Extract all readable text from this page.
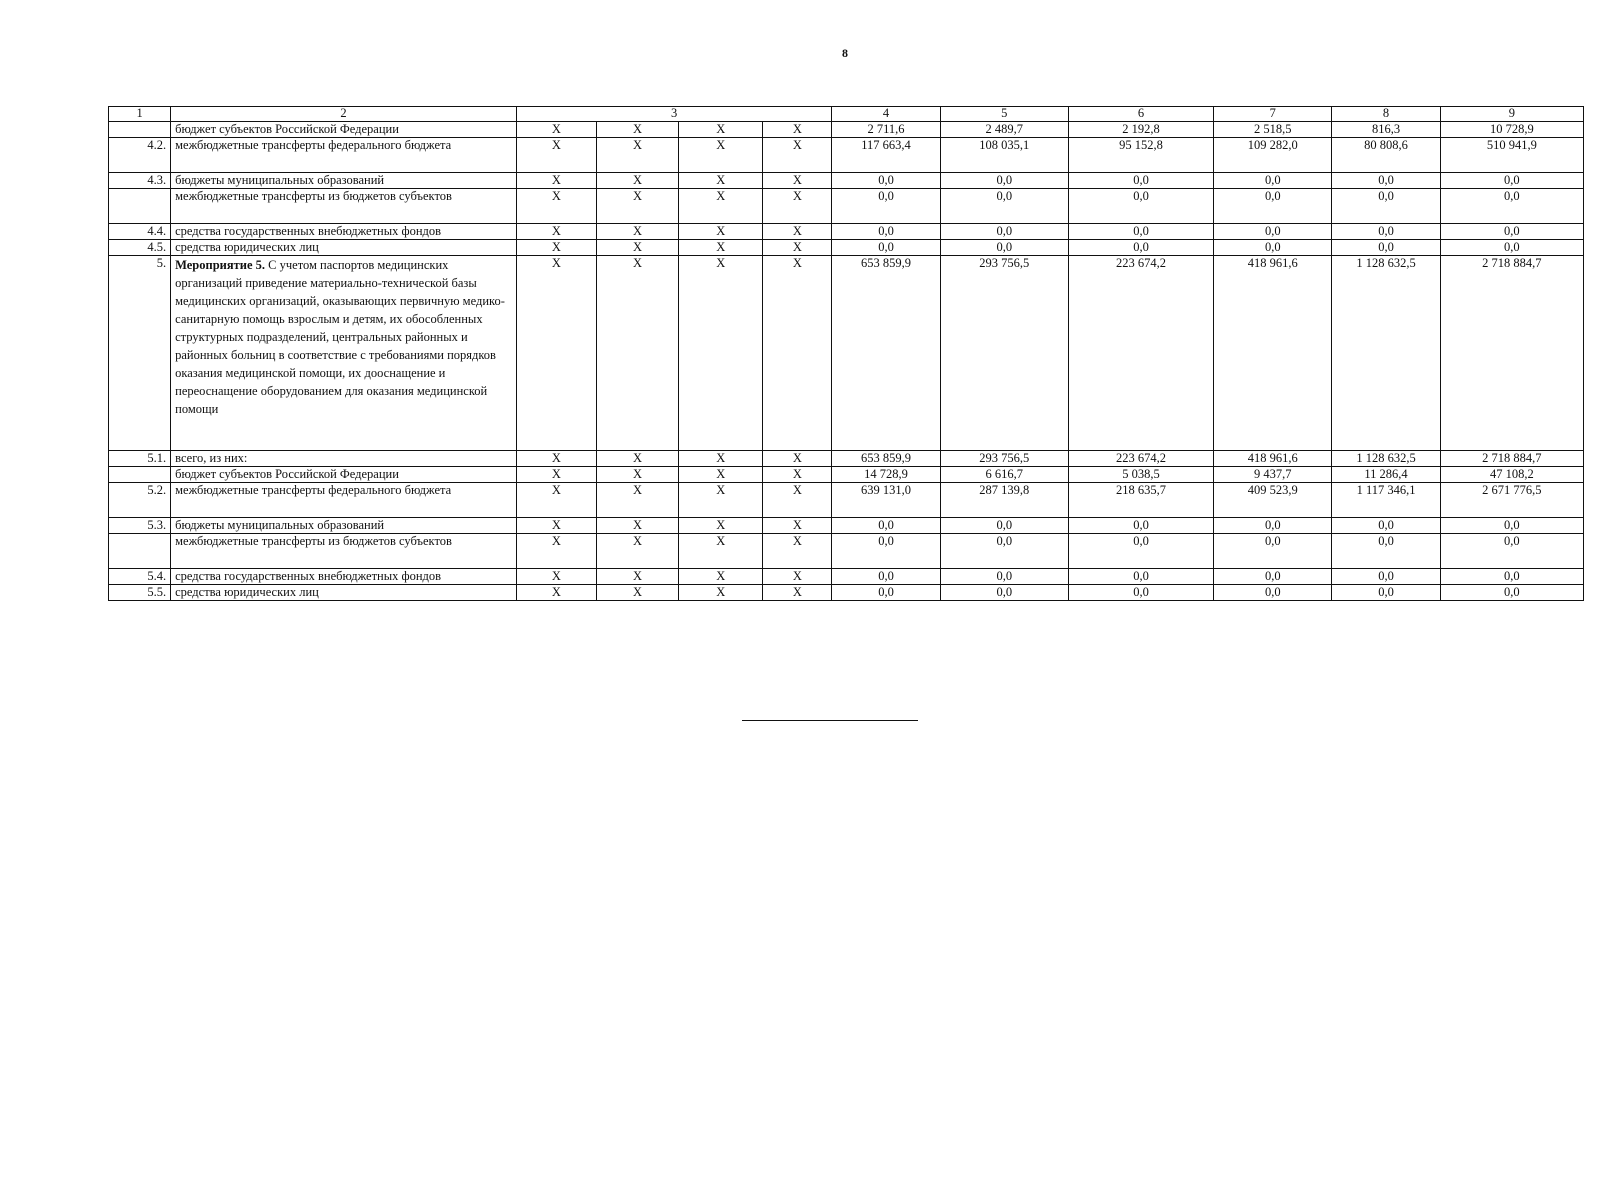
8
1	2	3				4	5	6	7	8	9
	бюджет субъектов Российской Федерации	Х	Х	Х	Х	2 711,6	2 489,7	2 192,8	2 518,5	816,3	10 728,9
4.2.	межбюджетные трансферты федерального бюджета	Х	Х	Х	Х	117 663,4	108 035,1	95 152,8	109 282,0	80 808,6	510 941,9
4.3.	бюджеты муниципальных образований	Х	Х	Х	Х	0,0	0,0	0,0	0,0	0,0	0,0
	межбюджетные трансферты из бюджетов субъектов	Х	Х	Х	Х	0,0	0,0	0,0	0,0	0,0	0,0
4.4.	средства государственных внебюджетных фондов	Х	Х	Х	Х	0,0	0,0	0,0	0,0	0,0	0,0
4.5.	средства юридических лиц	Х	Х	Х	Х	0,0	0,0	0,0	0,0	0,0	0,0
5.	Мероприятие 5. С учетом паспортов медицинских организаций приведение материально-технической базы медицинских организаций, оказывающих первичную медико-санитарную помощь взрослым и детям, их обособленных структурных подразделений, центральных районных и районных больниц в соответствие с требованиями порядков оказания медицинской помощи, их дооснащение и переоснащение оборудованием для оказания медицинской помощи	Х	Х	Х	Х	653 859,9	293 756,5	223 674,2	418 961,6	1 128 632,5	2 718 884,7
5.1.	всего, из них:	Х	Х	Х	Х	653 859,9	293 756,5	223 674,2	418 961,6	1 128 632,5	2 718 884,7
	бюджет субъектов Российской Федерации	Х	Х	Х	Х	14 728,9	6 616,7	5 038,5	9 437,7	11 286,4	47 108,2
5.2.	межбюджетные трансферты федерального бюджета	Х	Х	Х	Х	639 131,0	287 139,8	218 635,7	409 523,9	1 117 346,1	2 671 776,5
5.3.	бюджеты муниципальных образований	Х	Х	Х	Х	0,0	0,0	0,0	0,0	0,0	0,0
	межбюджетные трансферты из бюджетов субъектов	Х	Х	Х	Х	0,0	0,0	0,0	0,0	0,0	0,0
5.4.	средства государственных внебюджетных фондов	Х	Х	Х	Х	0,0	0,0	0,0	0,0	0,0	0,0
5.5.	средства юридических лиц	Х	Х	Х	Х	0,0	0,0	0,0	0,0	0,0	0,0
